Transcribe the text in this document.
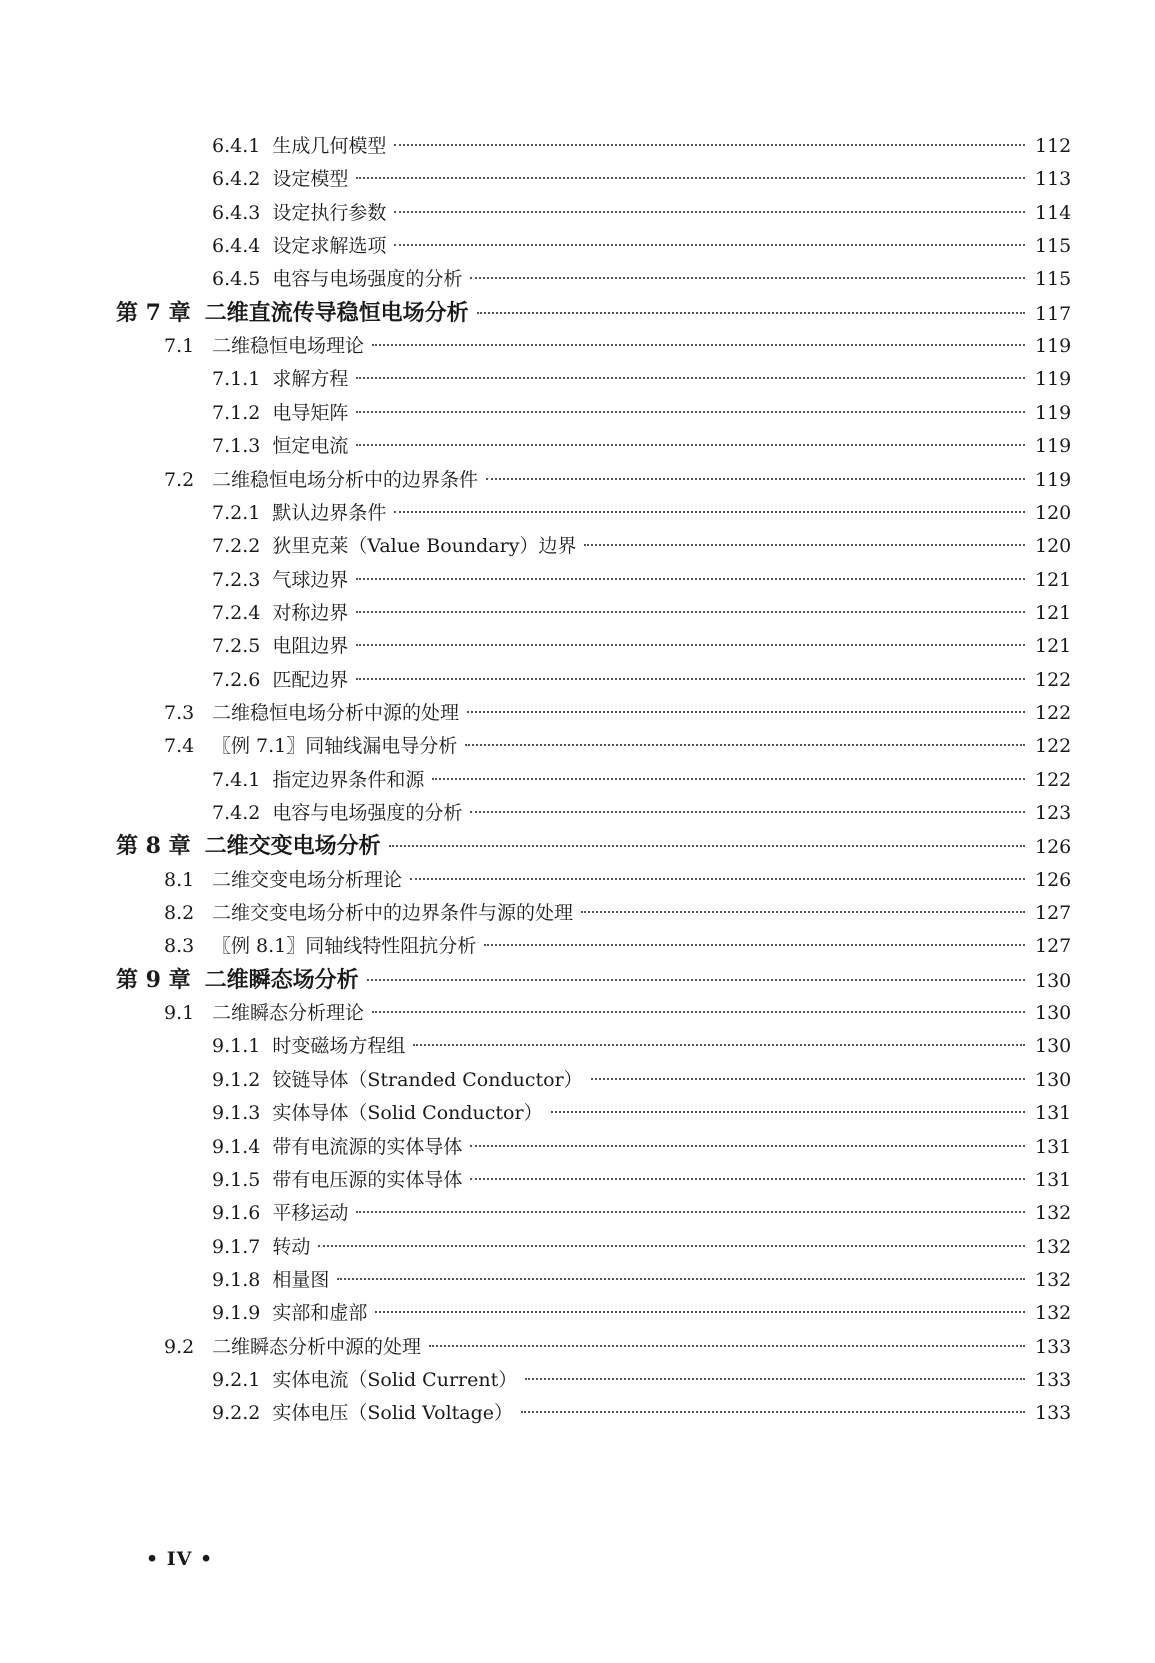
6.4.1 生成几何模型	112
6.4.2 设定模型	113
6.4.3 设定执行参数	114
6.4.4 设定求解选项	115
6.4.5 电容与电场强度的分析	115
第 7 章 二维直流传导稳恒电场分析	117
7.1 二维稳恒电场理论	119
7.1.1 求解方程	119
7.1.2 电导矩阵	119
7.1.3 恒定电流	119
7.2 二维稳恒电场分析中的边界条件	119
7.2.1 默认边界条件	120
7.2.2 狄里克莱（Value Boundary）边界	120
7.2.3 气球边界	121
7.2.4 对称边界	121
7.2.5 电阻边界	121
7.2.6 匹配边界	122
7.3 二维稳恒电场分析中源的处理	122
7.4 〖例 7.1〗同轴线漏电导分析	122
7.4.1 指定边界条件和源	122
7.4.2 电容与电场强度的分析	123
第 8 章 二维交变电场分析	126
8.1 二维交变电场分析理论	126
8.2 二维交变电场分析中的边界条件与源的处理	127
8.3 〖例 8.1〗同轴线特性阻抗分析	127
第 9 章 二维瞬态场分析	130
9.1 二维瞬态分析理论	130
9.1.1 时变磁场方程组	130
9.1.2 铰链导体（Stranded Conductor）	130
9.1.3 实体导体（Solid Conductor）	131
9.1.4 带有电流源的实体导体	131
9.1.5 带有电压源的实体导体	131
9.1.6 平移运动	132
9.1.7 转动	132
9.1.8 相量图	132
9.1.9 实部和虚部	132
9.2 二维瞬态分析中源的处理	133
9.2.1 实体电流（Solid Current）	133
9.2.2 实体电压（Solid Voltage）	133
• IV •
